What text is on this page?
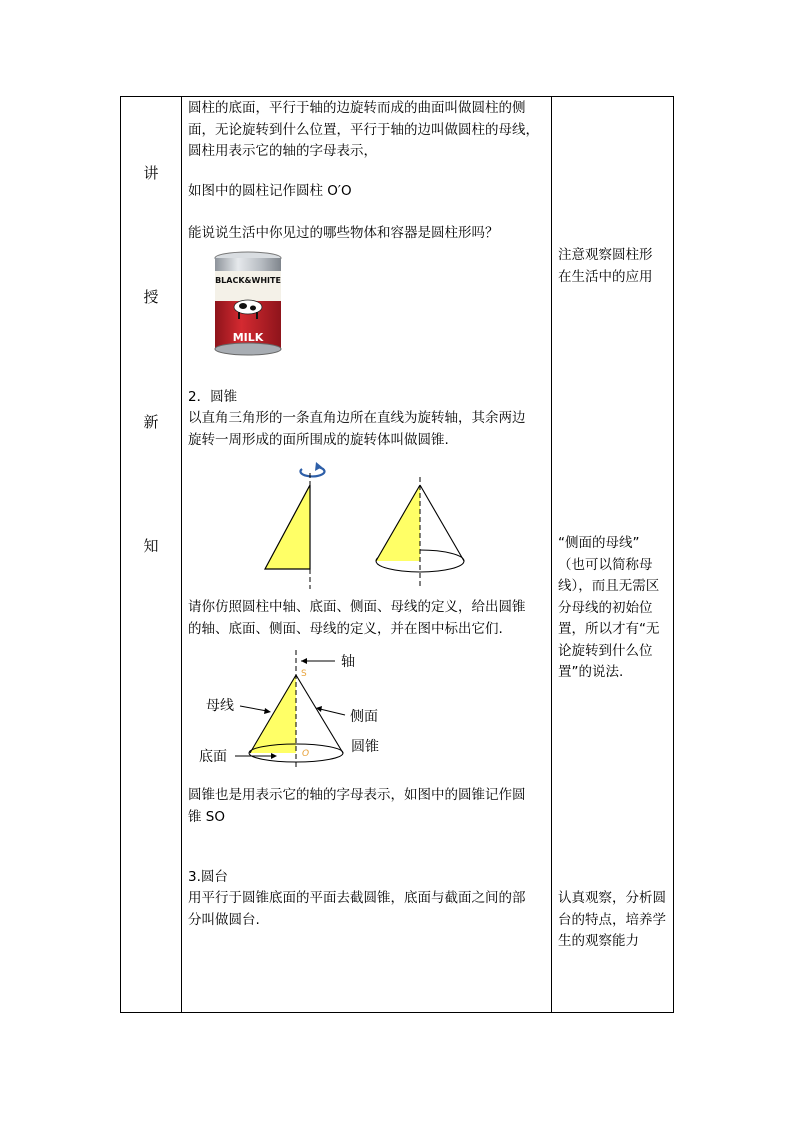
讲
授
新
知
圆柱的底面，平行于轴的边旋转而成的曲面叫做圆柱的侧
面，无论旋转到什么位置，平行于轴的边叫做圆柱的母线，
圆柱用表示它的轴的字母表示，
如图中的圆柱记作圆柱 O′O
能说说生活中你见过的哪些物体和容器是圆柱形吗？
BLACK&WHITE
MILK
2．圆锥
以直角三角形的一条直角边所在直线为旋转轴，其余两边
旋转一周形成的面所围成的旋转体叫做圆锥.
请你仿照圆柱中轴、底面、侧面、母线的定义，给出圆锥
的轴、底面、侧面、母线的定义，并在图中标出它们.
轴
母线
侧面
底面
圆锥
S
O
圆锥也是用表示它的轴的字母表示，如图中的圆锥记作圆
锥 SO
3.圆台
用平行于圆锥底面的平面去截圆锥，底面与截面之间的部
分叫做圆台.
注意观察圆柱形
在生活中的应用
“侧面的母线”
（也可以简称母
线），而且无需区
分母线的初始位
置，所以才有“无
论旋转到什么位
置”的说法.
认真观察，分析圆
台的特点，培养学
生的观察能力
